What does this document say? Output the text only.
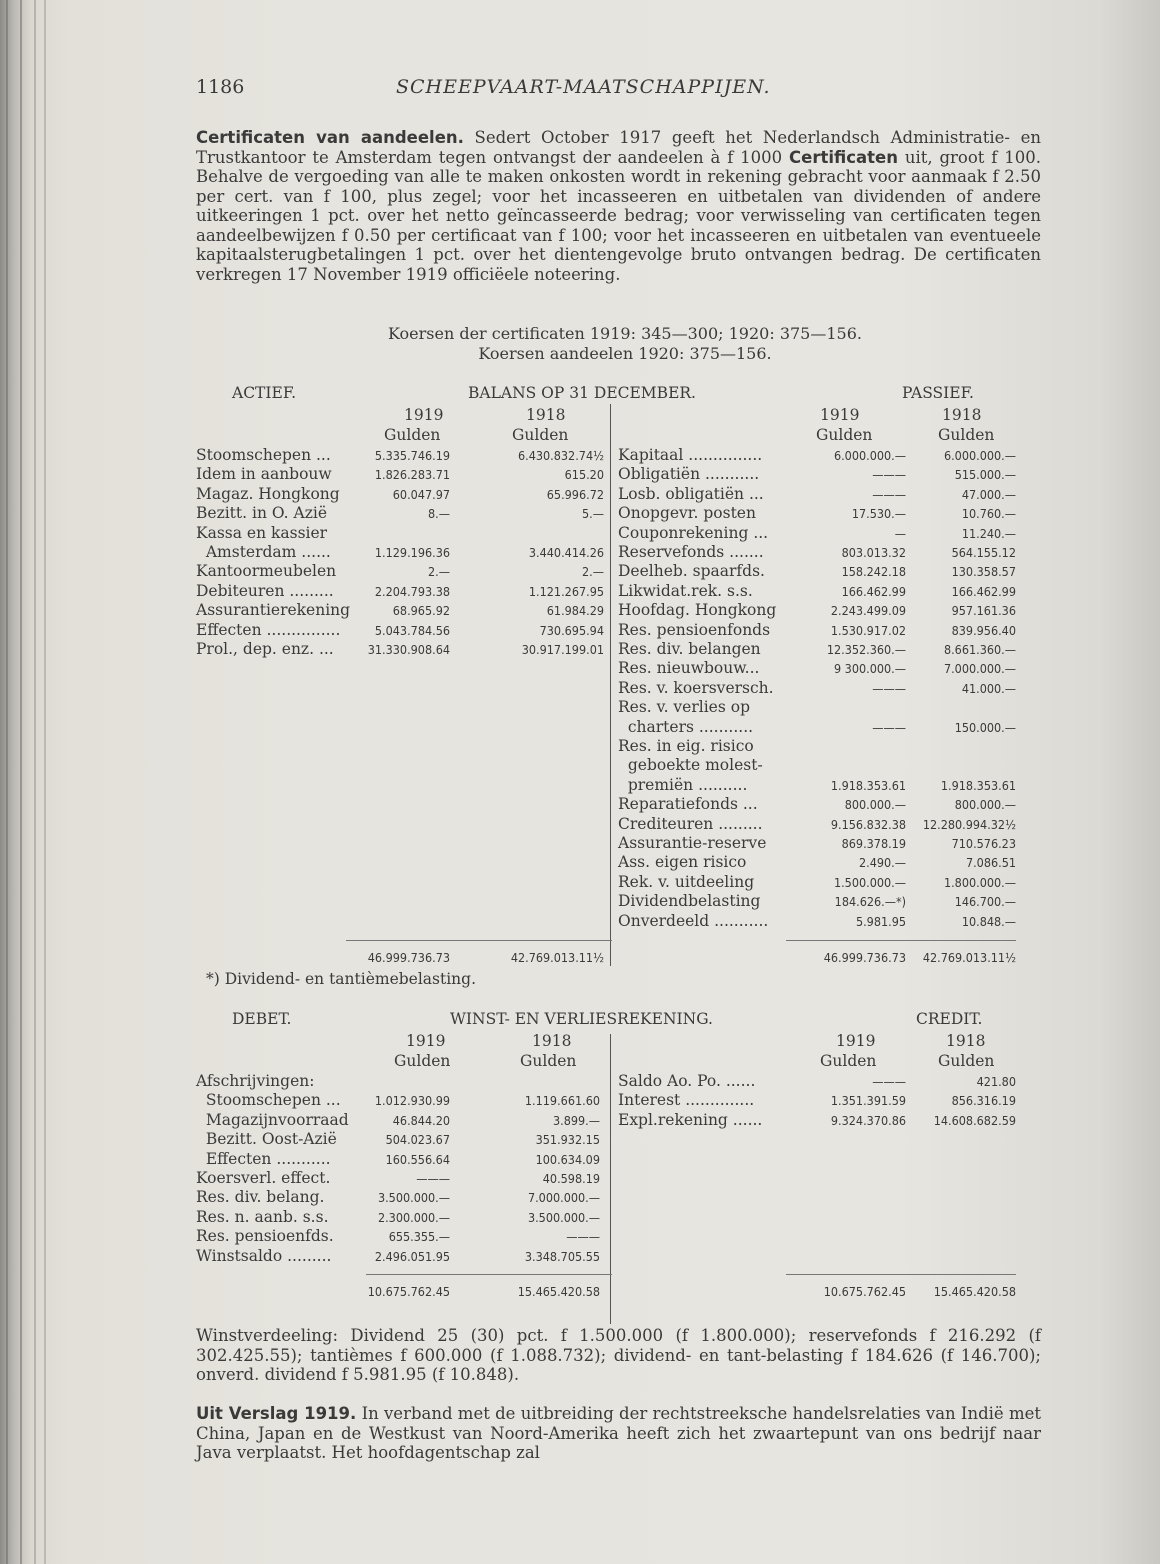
1186	SCHEEPVAART-MAATSCHAPPIJEN.
Certificaten van aandeelen. Sedert October 1917 geeft het Nederlandsch Administratie- en Trustkantoor te Amsterdam tegen ontvangst der aandeelen à f 1000 Certificaten uit, groot f 100. Behalve de vergoeding van alle te maken onkosten wordt in rekening gebracht voor aanmaak f 2.50 per cert. van f 100, plus zegel; voor het incasseeren en uitbetalen van dividenden of andere uitkeeringen 1 pct. over het netto geïncasseerde bedrag; voor verwisseling van certificaten tegen aandeelbewijzen f 0.50 per certificaat van f 100; voor het incasseeren en uitbetalen van eventueele kapitaalsterugbetalingen 1 pct. over het dientengevolge bruto ontvangen bedrag. De certificaten verkregen 17 November 1919 officiëele noteering.
Koersen der certificaten 1919: 345—300; 1920: 375—156.
Koersen aandeelen 1920: 375—156.
ACTIEF.	BALANS OP 31 DECEMBER.	PASSIEF.
1919	1918	1919	1918
Gulden	Gulden	Gulden	Gulden
Stoomschepen ...	5.335.746.19	6.430.832.74½
Idem in aanbouw	1.826.283.71	615.20
Magaz. Hongkong	60.047.97	65.996.72
Bezitt. in O. Azië	8.—	5.—
Kassa en kassier
Amsterdam ......	1.129.196.36	3.440.414.26
Kantoormeubelen	2.—	2.—
Debiteuren .........	2.204.793.38	1.121.267.95
Assurantierekening	68.965.92	61.984.29
Effecten ...............	5.043.784.56	730.695.94
Prol., dep. enz. ...	31.330.908.64	30.917.199.01
Kapitaal ...............	6.000.000.—	6.000.000.—
Obligatiën ...........	———	515.000.—
Losb. obligatiën ...	———	47.000.—
Onopgevr. posten	17.530.—	10.760.—
Couponrekening ...	—	11.240.—
Reservefonds .......	803.013.32	564.155.12
Deelheb. spaarfds.	158.242.18	130.358.57
Likwidat.rek. s.s.	166.462.99	166.462.99
Hoofdag. Hongkong	2.243.499.09	957.161.36
Res. pensioenfonds	1.530.917.02	839.956.40
Res. div. belangen	12.352.360.—	8.661.360.—
Res. nieuwbouw...	9 300.000.—	7.000.000.—
Res. v. koersversch.	———	41.000.—
Res. v. verlies op
charters ...........	———	150.000.—
Res. in eig. risico
geboekte molest-
premiën ..........	1.918.353.61	1.918.353.61
Reparatiefonds ...	800.000.—	800.000.—
Crediteuren .........	9.156.832.38	12.280.994.32½
Assurantie-reserve	869.378.19	710.576.23
Ass. eigen risico	2.490.—	7.086.51
Rek. v. uitdeeling	1.500.000.—	1.800.000.—
Dividendbelasting	184.626.—*)	146.700.—
Onverdeeld ...........	5.981.95	10.848.—
46.999.736.73	42.769.013.11½	46.999.736.73	42.769.013.11½
*) Dividend- en tantièmebelasting.
DEBET.	WINST- EN VERLIESREKENING.	CREDIT.
1919	1918	1919	1918
Gulden	Gulden	Gulden	Gulden
Afschrijvingen:
Stoomschepen ...	1.012.930.99	1.119.661.60
Magazijnvoorraad	46.844.20	3.899.—
Bezitt. Oost-Azië	504.023.67	351.932.15
Effecten ...........	160.556.64	100.634.09
Koersverl. effect.	———	40.598.19
Res. div. belang.	3.500.000.—	7.000.000.—
Res. n. aanb. s.s.	2.300.000.—	3.500.000.—
Res. pensioenfds.	655.355.—	———
Winstsaldo .........	2.496.051.95	3.348.705.55
Saldo Ao. Po. ......	———	421.80
Interest ..............	1.351.391.59	856.316.19
Expl.rekening ......	9.324.370.86	14.608.682.59
10.675.762.45	15.465.420.58	10.675.762.45	15.465.420.58
Winstverdeeling: Dividend 25 (30) pct. f 1.500.000 (f 1.800.000); reservefonds f 216.292 (f 302.425.55); tantièmes f 600.000 (f 1.088.732); dividend- en tant-belasting f 184.626 (f 146.700); onverd. dividend f 5.981.95 (f 10.848).
Uit Verslag 1919. In verband met de uitbreiding der rechtstreeksche handelsrelaties van Indië met China, Japan en de Westkust van Noord-Amerika heeft zich het zwaartepunt van ons bedrijf naar Java verplaatst. Het hoofdagentschap zal
